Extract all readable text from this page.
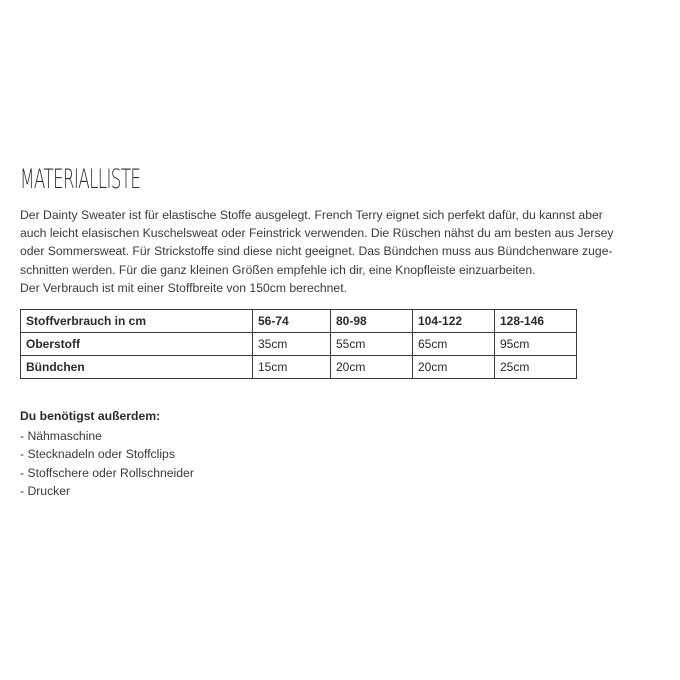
MATERIALLISTE
Der Dainty Sweater ist für elastische Stoffe ausgelegt. French Terry eignet sich perfekt dafür, du kannst aber
auch leicht elasischen Kuschelsweat oder Feinstrick verwenden. Die Rüschen nähst du am besten aus Jersey
oder Sommersweat. Für Strickstoffe sind diese nicht geeignet. Das Bündchen muss aus Bündchenware zuge-
schnitten werden. Für die ganz kleinen Größen empfehle ich dir, eine Knopfleiste einzuarbeiten.
Der Verbrauch ist mit einer Stoffbreite von 150cm berechnet.
Stoffverbrauch in cm	56-74	80-98	104-122	128-146
Oberstoff	35cm	55cm	65cm	95cm
Bündchen	15cm	20cm	20cm	25cm
Du benötigst außerdem:
- Nähmaschine
- Stecknadeln oder Stoffclips
- Stoffschere oder Rollschneider
- Drucker
